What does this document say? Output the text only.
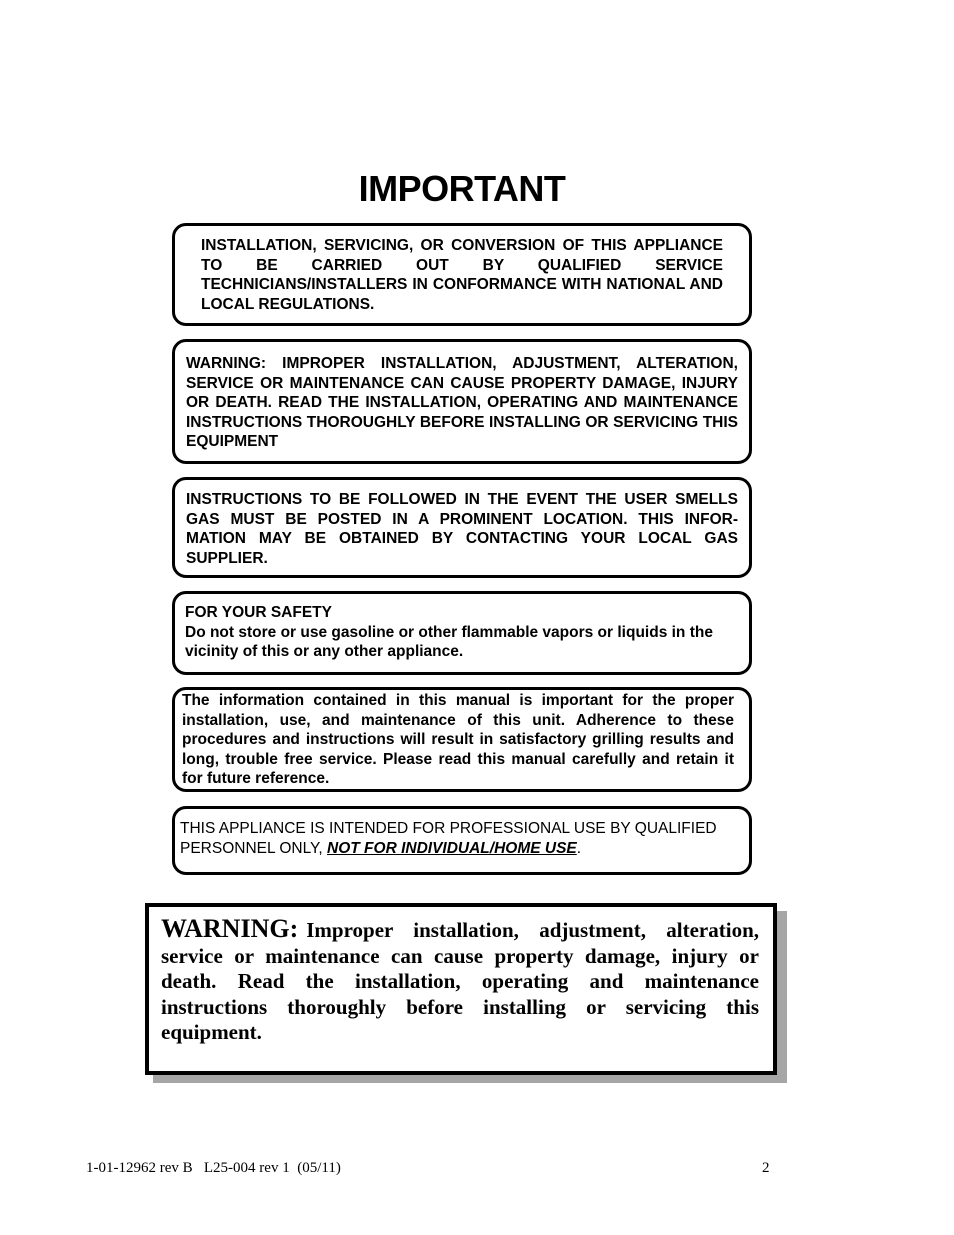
IMPORTANT

INSTALLATION, SERVICING, OR CONVERSION OF THIS APPLIANCE TO BE CARRIED OUT BY QUALIFIED SERVICE TECHNICIANS/INSTALLERS IN CONFORMANCE WITH NATIONAL AND LOCAL REGULATIONS.

WARNING: IMPROPER INSTALLATION, ADJUSTMENT, ALTERATION, SERVICE OR MAINTENANCE CAN CAUSE PROPERTY DAMAGE, INJURY OR DEATH. READ THE INSTALLATION, OPERATING AND MAINTENANCE INSTRUCTIONS THOROUGHLY BEFORE INSTALLING OR SERVICING THIS EQUIPMENT

INSTRUCTIONS TO BE FOLLOWED IN THE EVENT THE USER SMELLS GAS MUST BE POSTED IN A PROMINENT LOCATION. THIS INFOR-MATION MAY BE OBTAINED BY CONTACTING YOUR LOCAL GAS SUPPLIER.

FOR YOUR SAFETY

Do not store or use gasoline or other flammable vapors or liquids in the vicinity of this or any other appliance.

The information contained in this manual is important for the proper installation, use, and maintenance of this unit. Adherence to these procedures and instructions will result in satisfactory grilling results and long, trouble free service. Please read this manual carefully and retain it for future reference.

THIS APPLIANCE IS INTENDED FOR PROFESSIONAL USE BY QUALIFIED PERSONNEL ONLY, NOT FOR INDIVIDUAL/HOME USE.

WARNING: Improper installation, adjustment, alteration, service or maintenance can cause property damage, injury or death. Read the installation, operating and maintenance instructions thoroughly before installing or servicing this equipment.
1-01-12962 rev B   L25-004 rev 1  (05/11)	2
